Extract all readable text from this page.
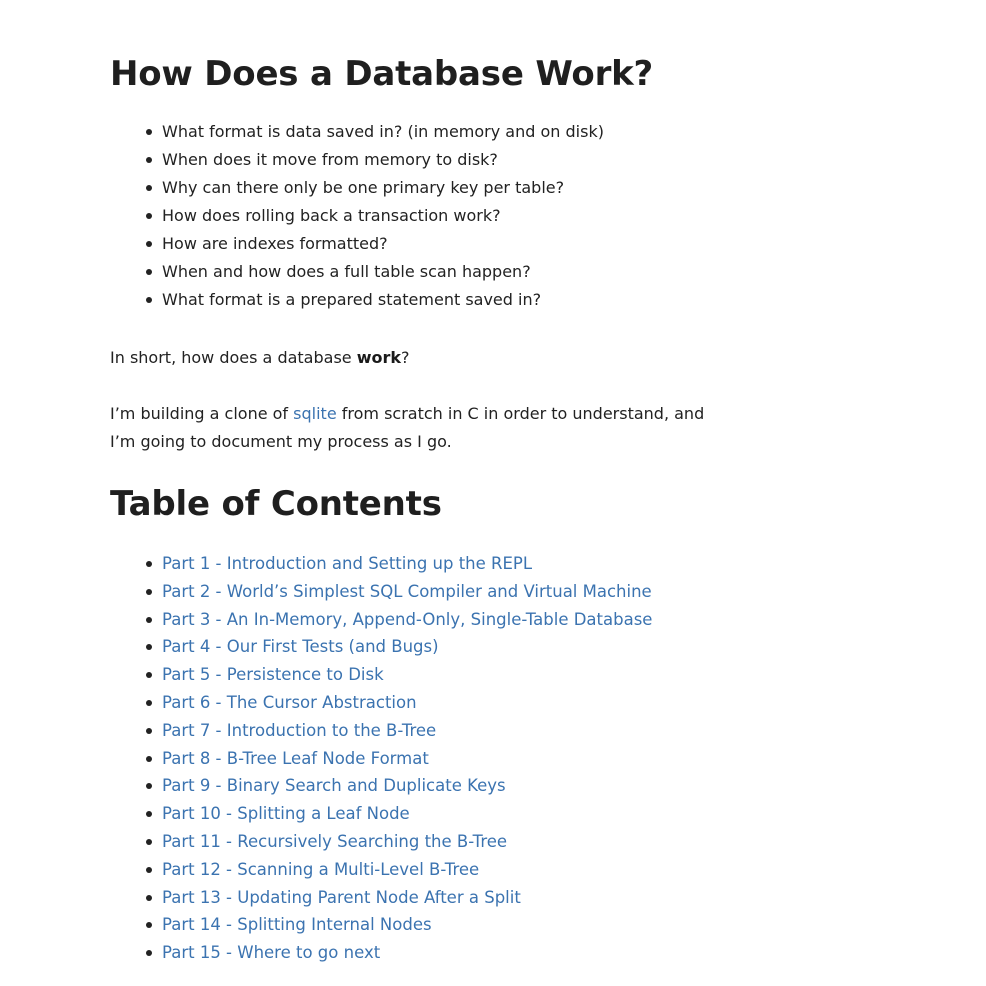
How Does a Database Work?
What format is data saved in? (in memory and on disk)
When does it move from memory to disk?
Why can there only be one primary key per table?
How does rolling back a transaction work?
How are indexes formatted?
When and how does a full table scan happen?
What format is a prepared statement saved in?

In short, how does a database work?

I’m building a clone of sqlite from scratch in C in order to understand, and
I’m going to document my process as I go.

Table of Contents
Part 1 - Introduction and Setting up the REPL
Part 2 - World’s Simplest SQL Compiler and Virtual Machine
Part 3 - An In-Memory, Append-Only, Single-Table Database
Part 4 - Our First Tests (and Bugs)
Part 5 - Persistence to Disk
Part 6 - The Cursor Abstraction
Part 7 - Introduction to the B-Tree
Part 8 - B-Tree Leaf Node Format
Part 9 - Binary Search and Duplicate Keys
Part 10 - Splitting a Leaf Node
Part 11 - Recursively Searching the B-Tree
Part 12 - Scanning a Multi-Level B-Tree
Part 13 - Updating Parent Node After a Split
Part 14 - Splitting Internal Nodes
Part 15 - Where to go next
